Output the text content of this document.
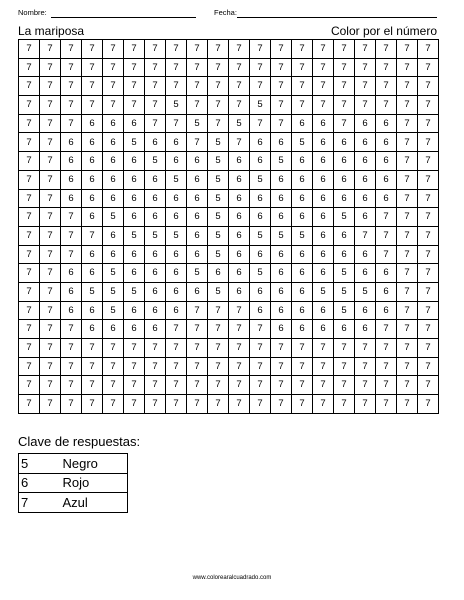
Nombre:	Fecha:
La mariposa	Color por el número
7	7	7	7	7	7	7	7	7	7	7	7	7	7	7	7	7	7	7	7
7	7	7	7	7	7	7	7	7	7	7	7	7	7	7	7	7	7	7	7
7	7	7	7	7	7	7	7	7	7	7	7	7	7	7	7	7	7	7	7
7	7	7	7	7	7	7	5	7	7	7	5	7	7	7	7	7	7	7	7
7	7	7	6	6	6	7	7	5	7	5	7	7	6	6	7	6	6	7	7
7	7	6	6	6	5	6	6	7	5	7	6	6	5	6	6	6	6	7	7
7	7	6	6	6	6	5	6	6	5	6	6	5	6	6	6	6	6	7	7
7	7	6	6	6	6	6	5	6	5	6	5	6	6	6	6	6	6	7	7
7	7	6	6	6	6	6	6	6	5	6	6	6	6	6	6	6	6	7	7
7	7	7	6	5	6	6	6	6	5	6	6	6	6	6	5	6	7	7	7
7	7	7	7	6	5	5	5	6	5	6	5	5	5	6	6	7	7	7	7
7	7	7	6	6	6	6	6	6	5	6	6	6	6	6	6	6	7	7	7
7	7	6	6	5	6	6	6	5	6	6	5	6	6	6	5	6	6	7	7
7	7	6	5	5	5	6	6	6	5	6	6	6	6	5	5	5	6	7	7
7	7	6	6	5	6	6	6	7	7	7	6	6	6	6	5	6	6	7	7
7	7	7	6	6	6	6	7	7	7	7	7	6	6	6	6	6	7	7	7
7	7	7	7	7	7	7	7	7	7	7	7	7	7	7	7	7	7	7	7
7	7	7	7	7	7	7	7	7	7	7	7	7	7	7	7	7	7	7	7
7	7	7	7	7	7	7	7	7	7	7	7	7	7	7	7	7	7	7	7
7	7	7	7	7	7	7	7	7	7	7	7	7	7	7	7	7	7	7	7
Clave de respuestas:
5	Negro
6	Rojo
7	Azul
www.colorearalcuadrado.com
